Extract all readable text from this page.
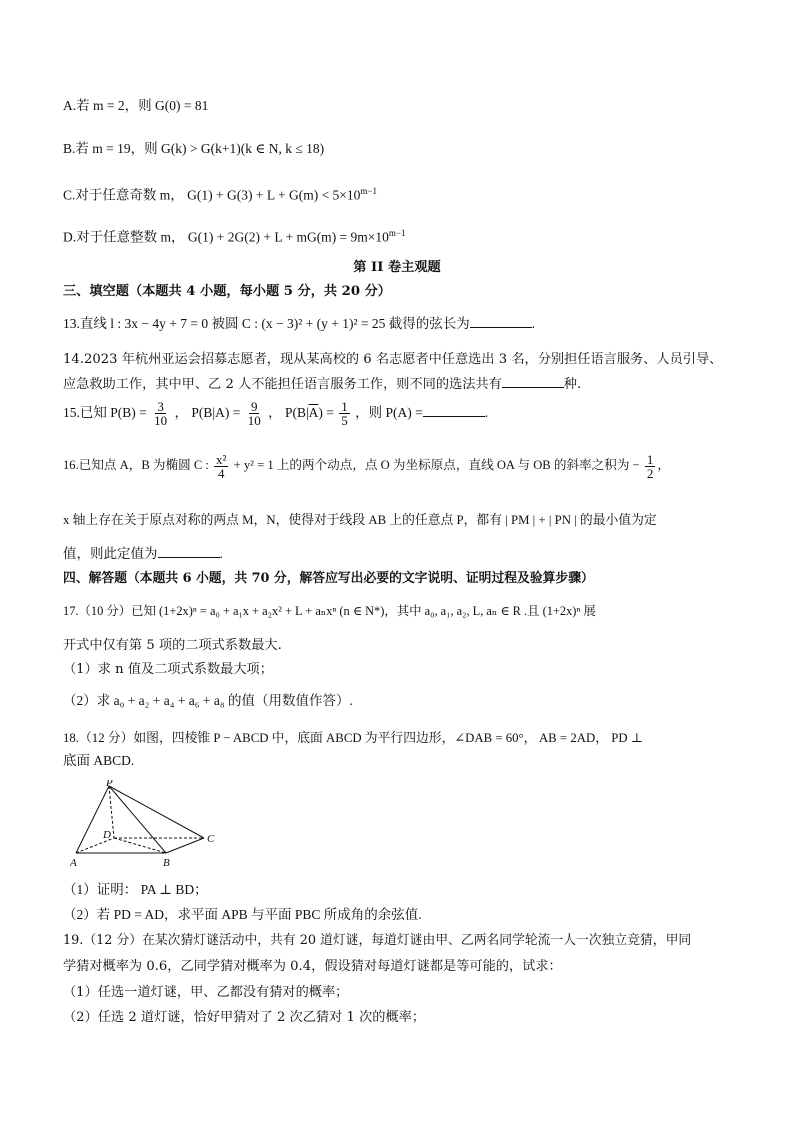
A.若 m = 2，则 G(0) = 81
B.若 m = 19，则 G(k) > G(k+1)(k ∈ N, k ≤ 18)
C.对于任意奇数 m， $G(1) + G(3) + L + G(m) < 5\times 10^{m-1}$
D.对于任意整数 m， $G(1) + 2G(2) + L + mG(m) = 9m\times 10^{m-1}$
第 II 卷主观题
三、填空题（本题共 4 小题，每小题 5 分，共 20 分）
13.直线 l : 3x − 4y + 7 = 0 被圆 C : (x − 3)² + (y + 1)² = 25 截得的弦长为	.
14.2023 年杭州亚运会招募志愿者，现从某高校的 6 名志愿者中任意选出 3 名，分别担任语言服务、人员引导、
应急救助工作，其中甲、乙 2 人不能担任语言服务工作，则不同的选法共有	种.
15.已知 $P(B) = \frac{3}{10}$ ， $P(B|A) = \frac{9}{10}$ ， $P(B|\overline{A}) = \frac{1}{5}$ ，则 P(A) =	.
16.已知点 A，B 为椭圆 C : $\frac{\text{x²}}{4} + y^2 = 1$ 上的两个动点，点 O 为坐标原点，直线 OA 与 OB 的斜率之积为 − $\frac{1}{2}$ ，
x 轴上存在关于原点对称的两点 M，N，使得对于线段 AB 上的任意点 P，都有 | PM | + | PN | 的最小值为定
值，则此定值为	.
四、解答题（本题共 6 小题，共 70 分，解答应写出必要的文字说明、证明过程及验算步骤）
17.（10 分）已知 (1+2x)ⁿ = a₀ + a₁x + a₂x² + L + aₙxⁿ (n ∈ N*)，其中 a₀, a₁, a₂, L, aₙ ∈ R .且 (1+2x)ⁿ 展
开式中仅有第 5 项的二项式系数最大.
（1）求 n 值及二项式系数最大项；
（2）求 a₀ + a₂ + a₄ + a₆ + a₈ 的值（用数值作答）.
18.（12 分）如图，四棱锥 P − ABCD 中，底面 ABCD 为平行四边形，∠DAB = 60°， AB = 2AD， PD ⊥
底面 ABCD.
P
D	C
A	B
（1）证明： PA ⊥ BD；
（2）若 PD = AD，求平面 APB 与平面 PBC 所成角的余弦值.
19.（12 分）在某次猜灯谜活动中，共有 20 道灯谜，每道灯谜由甲、乙两名同学轮流一人一次独立竞猜，甲同
学猜对概率为 0.6，乙同学猜对概率为 0.4，假设猜对每道灯谜都是等可能的，试求：
（1）任选一道灯谜，甲、乙都没有猜对的概率；
（2）任选 2 道灯谜，恰好甲猜对了 2 次乙猜对 1 次的概率；
